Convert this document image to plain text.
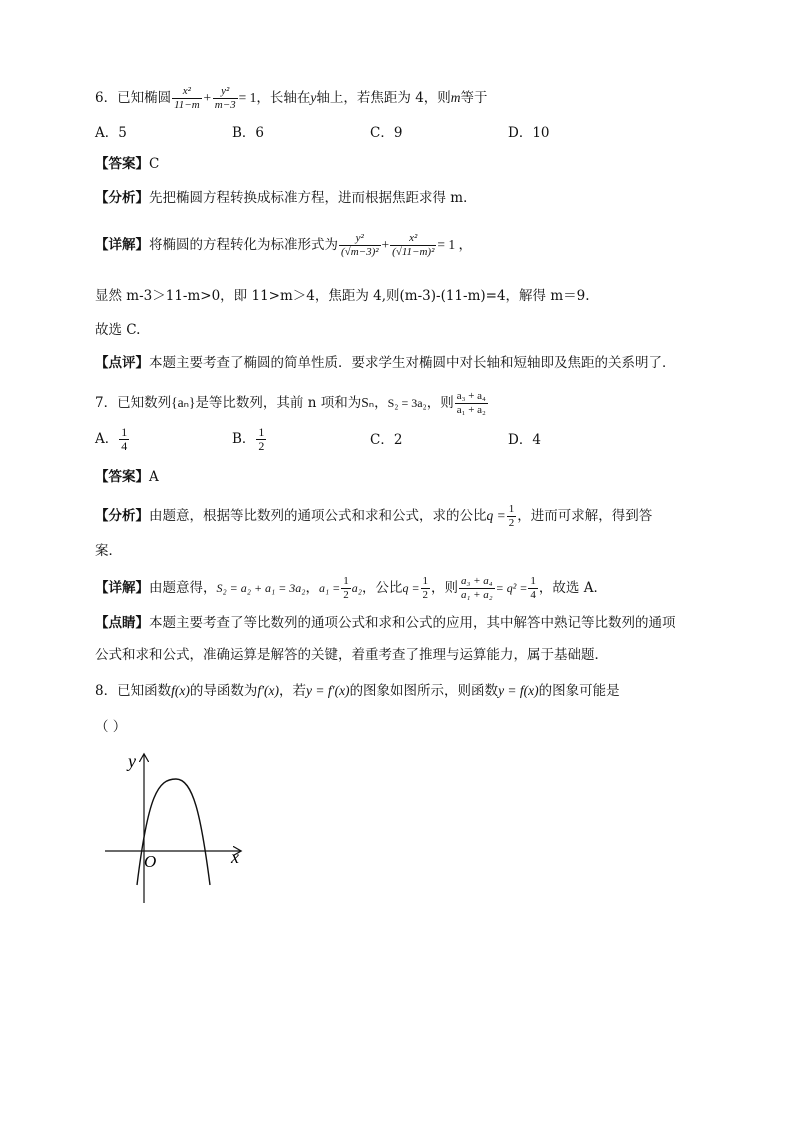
6．已知椭圆 $\frac{\text{x²}}{11-m} + \frac{\text{y²}}{m-3} = 1$，长轴在y轴上，若焦距为 4，则m等于
A．5	B．6	C．9	D．10
【答案】C
【分析】先把椭圆方程转换成标准方程，进而根据焦距求得 m．
【详解】将椭圆的方程转化为标准形式为 $\frac{\text{y²}}{\text{(√m−3)²}} + \frac{\text{x²}}{\text{(√11−m)²}} = 1$ ，
显然 m-3＞11-m>0，即 11>m＞4，焦距为 4,则(m-3)-(11-m)=4，解得 m＝9.
故选 C.
【点评】本题主要考查了椭圆的简单性质．要求学生对椭圆中对长轴和短轴即及焦距的关系明了．
7．已知数列{aₙ}是等比数列，其前 n 项和为Sₙ，S₂ = 3a₂，则 $\frac{\text{a₃ + a₄}}{\text{a₁ + a₂}}$
A． $\frac{1}{4}$	B． $\frac{1}{2}$	C．2	D．4
【答案】A
【分析】由题意，根据等比数列的通项公式和求和公式，求的公比$q = \frac{1}{2}$ ，进而可求解，得到答
案．
【详解】由题意得，S₂ = a₂ + a₁ = 3a₂，$a_1 = \frac{1}{2} a_2$，公比$q = \frac{1}{2}$ ，则 $\frac{\text{a₃ + a₄}}{\text{a₁ + a₂}} = q^2 = \frac{1}{4}$ ，故选 A．
【点睛】本题主要考查了等比数列的通项公式和求和公式的应用，其中解答中熟记等比数列的通项
公式和求和公式，准确运算是解答的关键，着重考查了推理与运算能力，属于基础题．
8．已知函数f(x)的导函数为f′(x)，若y = f′(x)的图象如图所示，则函数y = f(x)的图象可能是
（ ）
y
x
O
